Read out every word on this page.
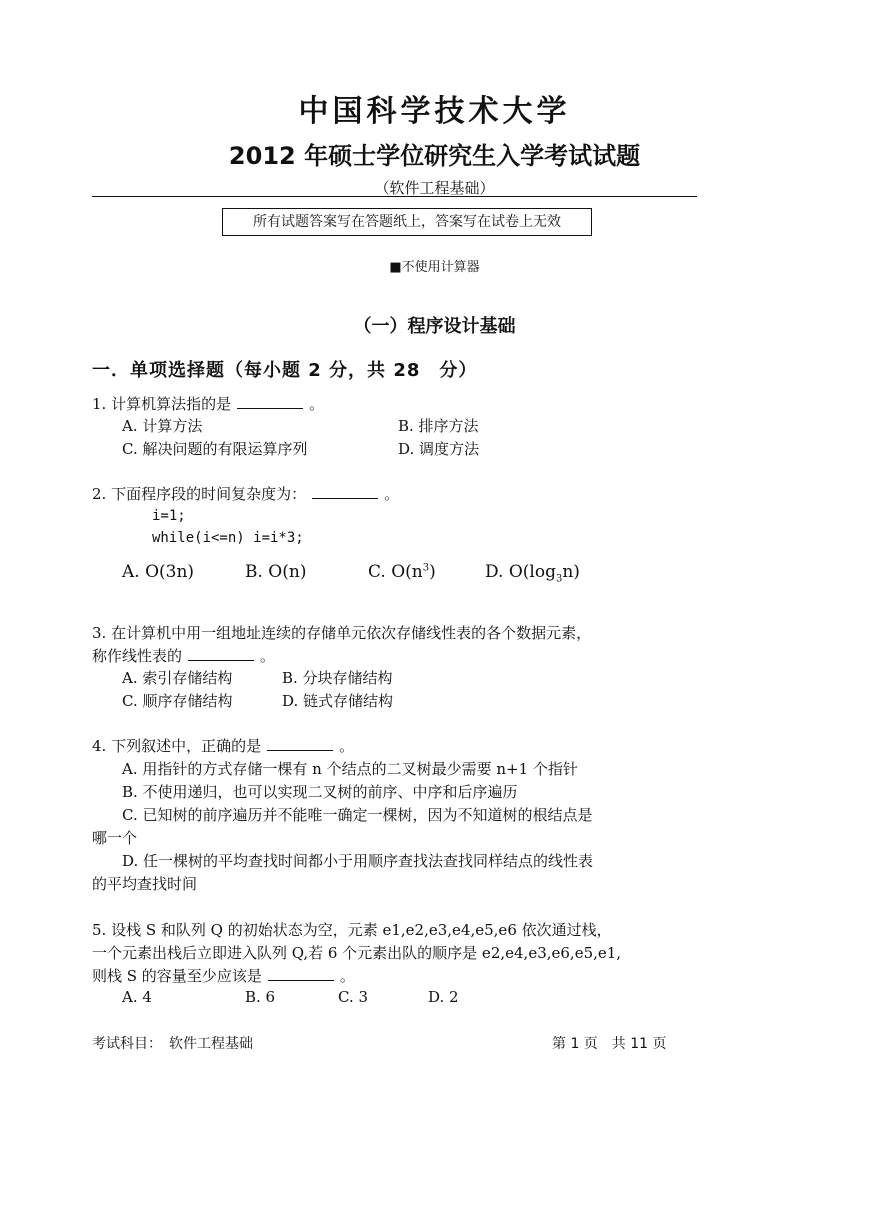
中国科学技术大学
2012 年硕士学位研究生入学考试试题
（软件工程基础）
所有试题答案写在答题纸上，答案写在试卷上无效
■不使用计算器
（一）程序设计基础
一．单项选择题（每小题 2 分，共 28　分）
1. 计算机算法指的是	。
A. 计算方法	B. 排序方法
C. 解决问题的有限运算序列	D. 调度方法
2. 下面程序段的时间复杂度为：	。
i=1;
while(i<=n) i=i*3;
A. O(3n)	B. O(n)	C. $O(n^3)$	D. $O(\log_3n)$
3. 在计算机中用一组地址连续的存储单元依次存储线性表的各个数据元素，
称作线性表的	。
A. 索引存储结构	B. 分块存储结构
C. 顺序存储结构	D. 链式存储结构
4. 下列叙述中，正确的是	。
A. 用指针的方式存储一棵有 n 个结点的二叉树最少需要 n+1 个指针
B. 不使用递归，也可以实现二叉树的前序、中序和后序遍历
C. 已知树的前序遍历并不能唯一确定一棵树，因为不知道树的根结点是
哪一个
D. 任一棵树的平均查找时间都小于用顺序查找法查找同样结点的线性表
的平均查找时间
5. 设栈 S 和队列 Q 的初始状态为空，元素 e1,e2,e3,e4,e5,e6 依次通过栈，
一个元素出栈后立即进入队列 Q,若 6 个元素出队的顺序是 e2,e4,e3,e6,e5,e1,
则栈 S 的容量至少应该是	。
A. 4	B. 6	C. 3	D. 2
考试科目：　软件工程基础	第 1 页　共 11 页
